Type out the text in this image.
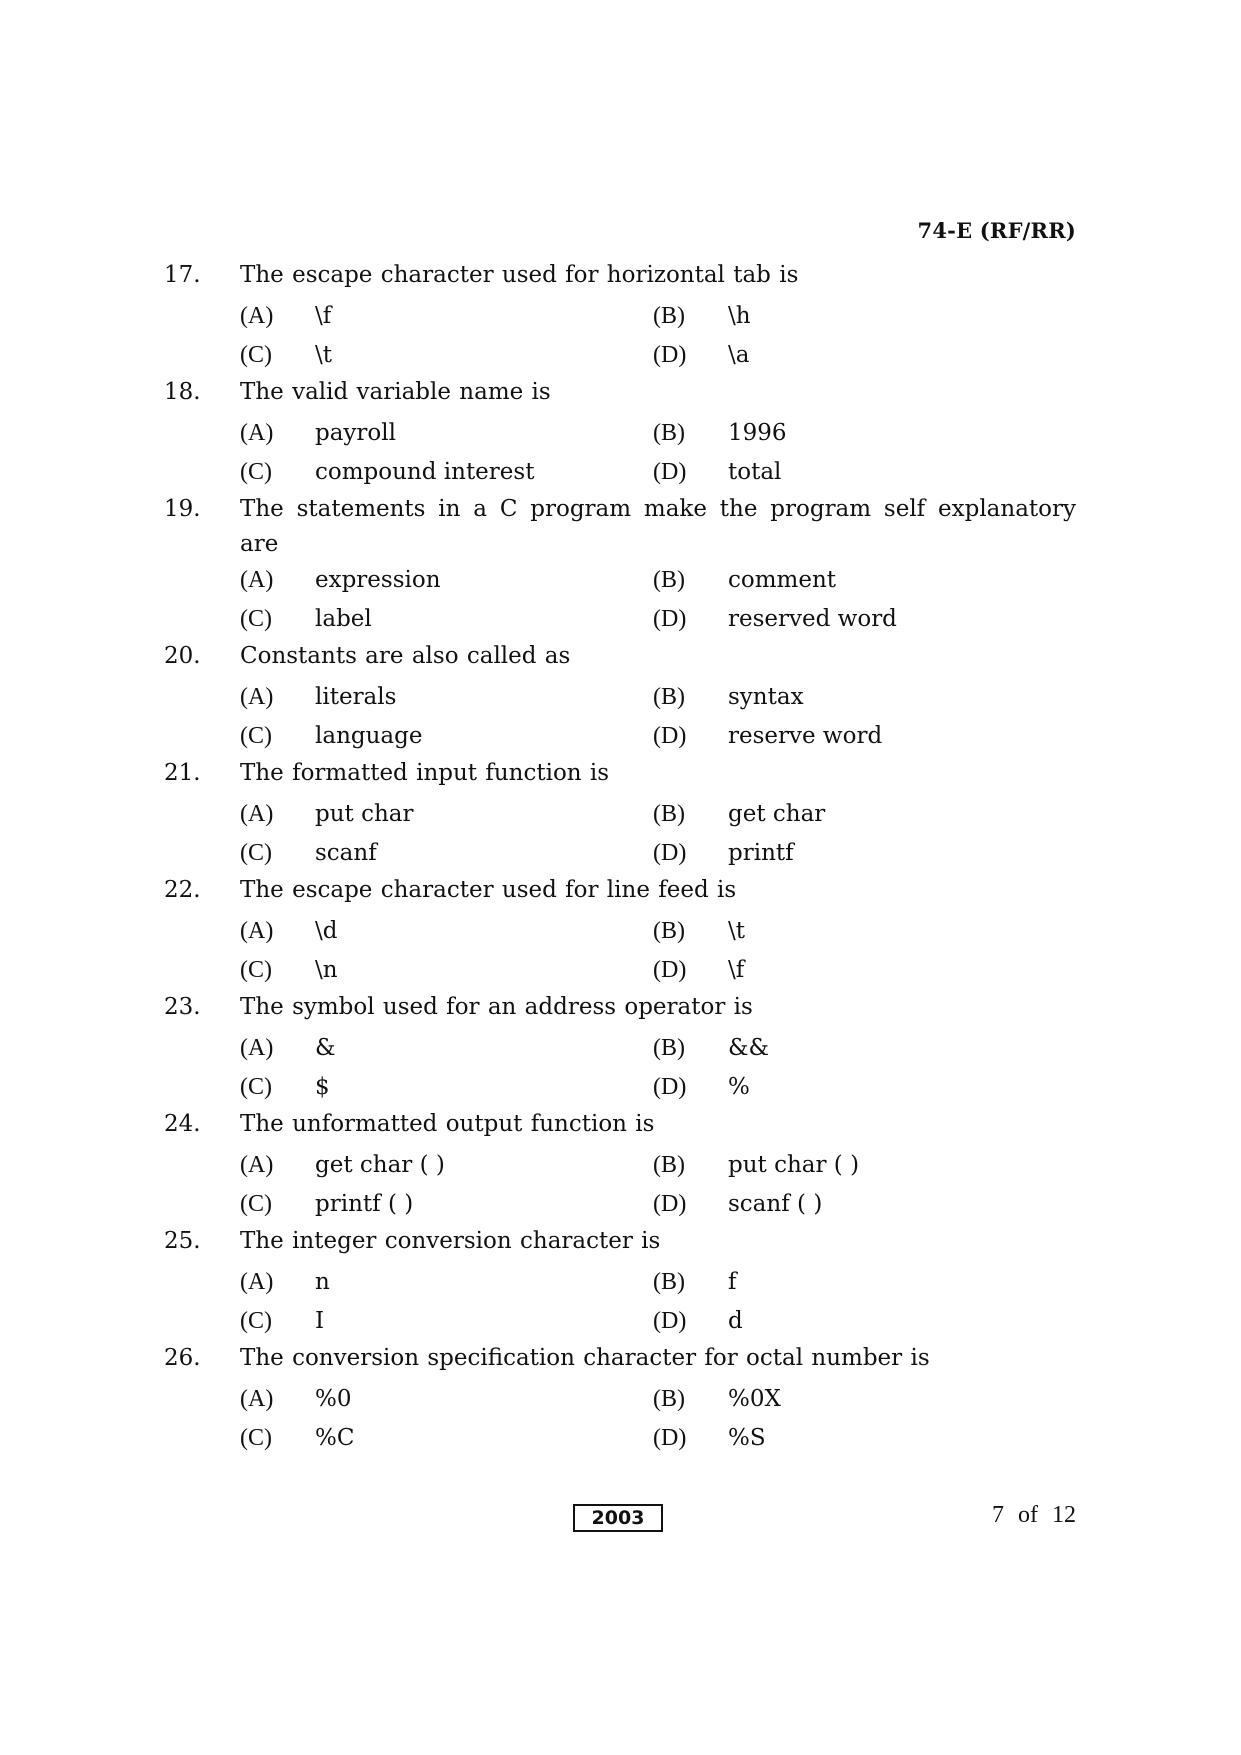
74-E (RF/RR)
17.	The escape character used for horizontal tab is
(A)	\f	(B)	\h
(C)	\t	(D)	\a
18.	The valid variable name is
(A)	payroll	(B)	1996
(C)	compound interest	(D)	total
19.	The statements in a C program make the program self explanatory are
(A)	expression	(B)	comment
(C)	label	(D)	reserved word
20.	Constants are also called as
(A)	literals	(B)	syntax
(C)	language	(D)	reserve word
21.	The formatted input function is
(A)	put char	(B)	get char
(C)	scanf	(D)	printf
22.	The escape character used for line feed is
(A)	\d	(B)	\t
(C)	\n	(D)	\f
23.	The symbol used for an address operator is
(A)	&	(B)	&&
(C)	$	(D)	%
24.	The unformatted output function is
(A)	get char ( )	(B)	put char ( )
(C)	printf ( )	(D)	scanf ( )
25.	The integer conversion character is
(A)	n	(B)	f
(C)	I	(D)	d
26.	The conversion specification character for octal number is
(A)	%0	(B)	%0X
(C)	%C	(D)	%S
2003	7 of 12
